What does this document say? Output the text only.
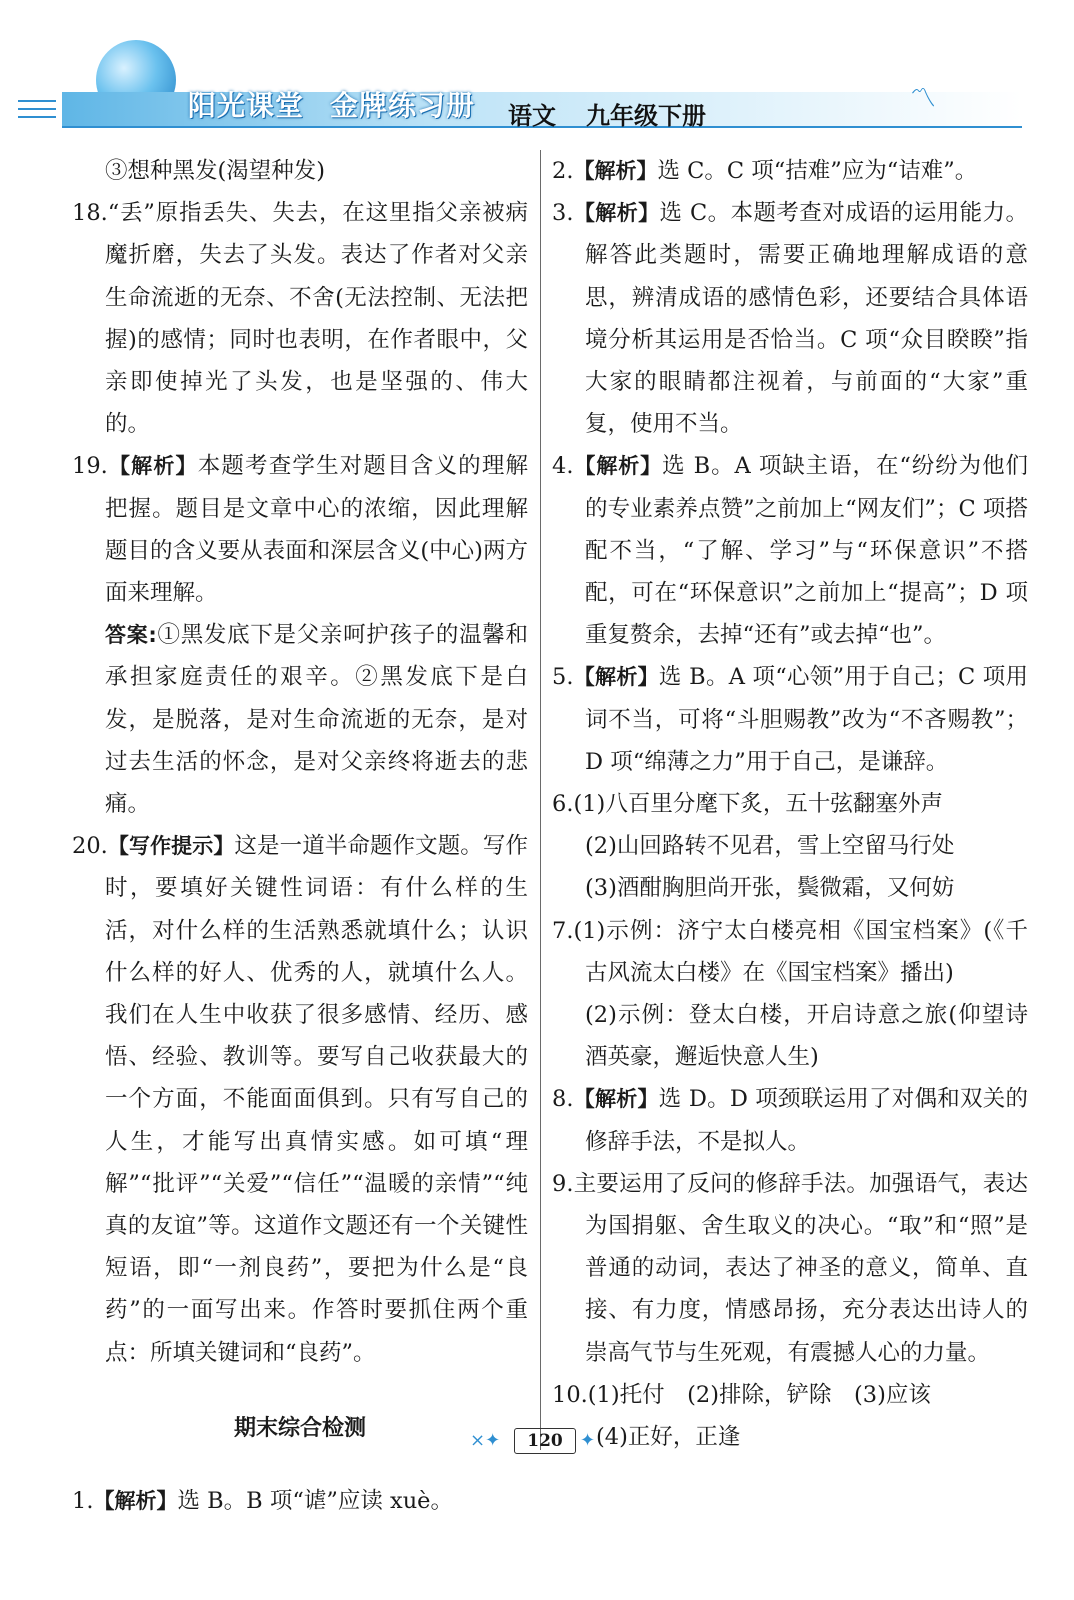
阳光课堂 金牌练习册 语文 九年级下册
〽︎

③想种黑发(渴望种发)

18.“丢”原指丢失、失去，在这里指父亲被病魔折磨，失去了头发。表达了作者对父亲生命流逝的无奈、不舍(无法控制、无法把握)的感情；同时也表明，在作者眼中，父亲即使掉光了头发，也是坚强的、伟大的。

19.【解析】本题考查学生对题目含义的理解把握。题目是文章中心的浓缩，因此理解题目的含义要从表面和深层含义(中心)两方面来理解。

答案:①黑发底下是父亲呵护孩子的温馨和承担家庭责任的艰辛。②黑发底下是白发，是脱落，是对生命流逝的无奈，是对过去生活的怀念，是对父亲终将逝去的悲痛。

20.【写作提示】这是一道半命题作文题。写作时，要填好关键性词语：有什么样的生活，对什么样的生活熟悉就填什么；认识什么样的好人、优秀的人，就填什么人。我们在人生中收获了很多感情、经历、感悟、经验、教训等。要写自己收获最大的一个方面，不能面面俱到。只有写自己的人生，才能写出真情实感。如可填“理解”“批评”“关爱”“信任”“温暖的亲情”“纯真的友谊”等。这道作文题还有一个关键性短语，即“一剂良药”，要把为什么是“良药”的一面写出来。作答时要抓住两个重点：所填关键词和“良药”。

期末综合检测

1.【解析】选 B。B 项“谑”应读 xuè。

2.【解析】选 C。C 项“拮难”应为“诘难”。

3.【解析】选 C。本题考查对成语的运用能力。解答此类题时，需要正确地理解成语的意思，辨清成语的感情色彩，还要结合具体语境分析其运用是否恰当。C 项“众目睽睽”指大家的眼睛都注视着，与前面的“大家”重复，使用不当。

4.【解析】选 B。A 项缺主语，在“纷纷为他们的专业素养点赞”之前加上“网友们”；C 项搭配不当，“了解、学习”与“环保意识”不搭配，可在“环保意识”之前加上“提高”；D 项重复赘余，去掉“还有”或去掉“也”。

5.【解析】选 B。A 项“心领”用于自己；C 项用词不当，可将“斗胆赐教”改为“不吝赐教”；D 项“绵薄之力”用于自己，是谦辞。

6.(1)八百里分麾下炙，五十弦翻塞外声

(2)山回路转不见君，雪上空留马行处

(3)酒酣胸胆尚开张，鬓微霜，又何妨

7.(1)示例：济宁太白楼亮相《国宝档案》(《千古风流太白楼》在《国宝档案》播出)

(2)示例：登太白楼，开启诗意之旅(仰望诗酒英豪，邂逅快意人生)

8.【解析】选 D。D 项颈联运用了对偶和双关的修辞手法，不是拟人。

9.主要运用了反问的修辞手法。加强语气，表达为国捐躯、舍生取义的决心。“取”和“照”是普通的动词，表达了神圣的意义，简单、直接、有力度，情感昂扬，充分表达出诗人的崇高气节与生死观，有震撼人心的力量。

10.(1)托付　(2)排除，铲除　(3)应该

(4)正好，正逢

×✦	120 ✦
